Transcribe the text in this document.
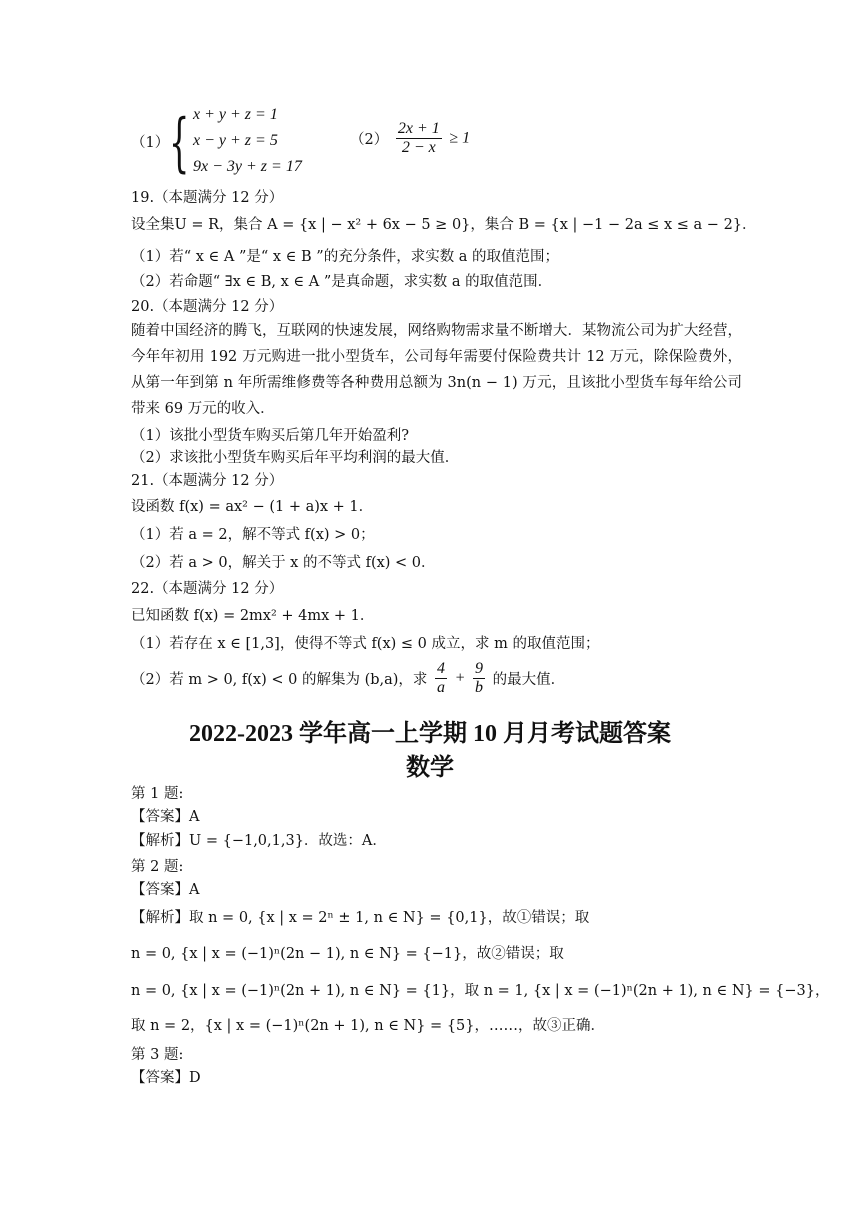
（1） { x + y + z = 1
x − y + z = 5
9x − 3y + z = 17
$(2) \frac{2x + 1}{2 - x} \ge 1$
19.（本题满分 12 分）
设全集U = R，集合 A = {x | − x² + 6x − 5 ≥ 0}，集合 B = {x | −1 − 2a ≤ x ≤ a − 2}．
（1）若“ x ∈ A ”是“ x ∈ B ”的充分条件，求实数 a 的取值范围；
（2）若命题“ ∃x ∈ B, x ∈ A ”是真命题，求实数 a 的取值范围．
20.（本题满分 12 分）
随着中国经济的腾飞，互联网的快速发展，网络购物需求量不断增大．某物流公司为扩大经营，今年年初用 192 万元购进一批小型货车，公司每年需要付保险费共计 12 万元，除保险费外，从第一年到第 n 年所需维修费等各种费用总额为 3n(n − 1) 万元，且该批小型货车每年给公司带来 69 万元的收入．
（1）该批小型货车购买后第几年开始盈利?
（2）求该批小型货车购买后年平均利润的最大值．
21.（本题满分 12 分）
设函数 f(x) = ax² − (1 + a)x + 1．
（1）若 a = 2，解不等式 f(x) > 0；
（2）若 a > 0，解关于 x 的不等式 f(x) < 0．
22.（本题满分 12 分）
已知函数 f(x) = 2mx² + 4mx + 1．
（1）若存在 x ∈ [1,3]，使得不等式 f(x) ≤ 0 成立，求 m 的取值范围；
（2）若 m > 0, f(x) < 0 的解集为 (b,a)，求 $\frac{4}{a} + \frac{9}{b}$ 的最大值．
2022-2023 学年高一上学期 10 月月考试题答案
数学
第 1 题:
【答案】A
【解析】U = {−1,0,1,3}．故选：A．
第 2 题:
【答案】A
【解析】取 n = 0, {x | x = 2ⁿ ± 1, n ∈ N} = {0,1}，故①错误；取
n = 0, {x | x = (−1)ⁿ(2n − 1), n ∈ N} = {−1}，故②错误；取
n = 0, {x | x = (−1)ⁿ(2n + 1), n ∈ N} = {1}，取 n = 1, {x | x = (−1)ⁿ(2n + 1), n ∈ N} = {−3}，
取 n = 2，{x | x = (−1)ⁿ(2n + 1), n ∈ N} = {5}，……，故③正确．
第 3 题:
【答案】D
